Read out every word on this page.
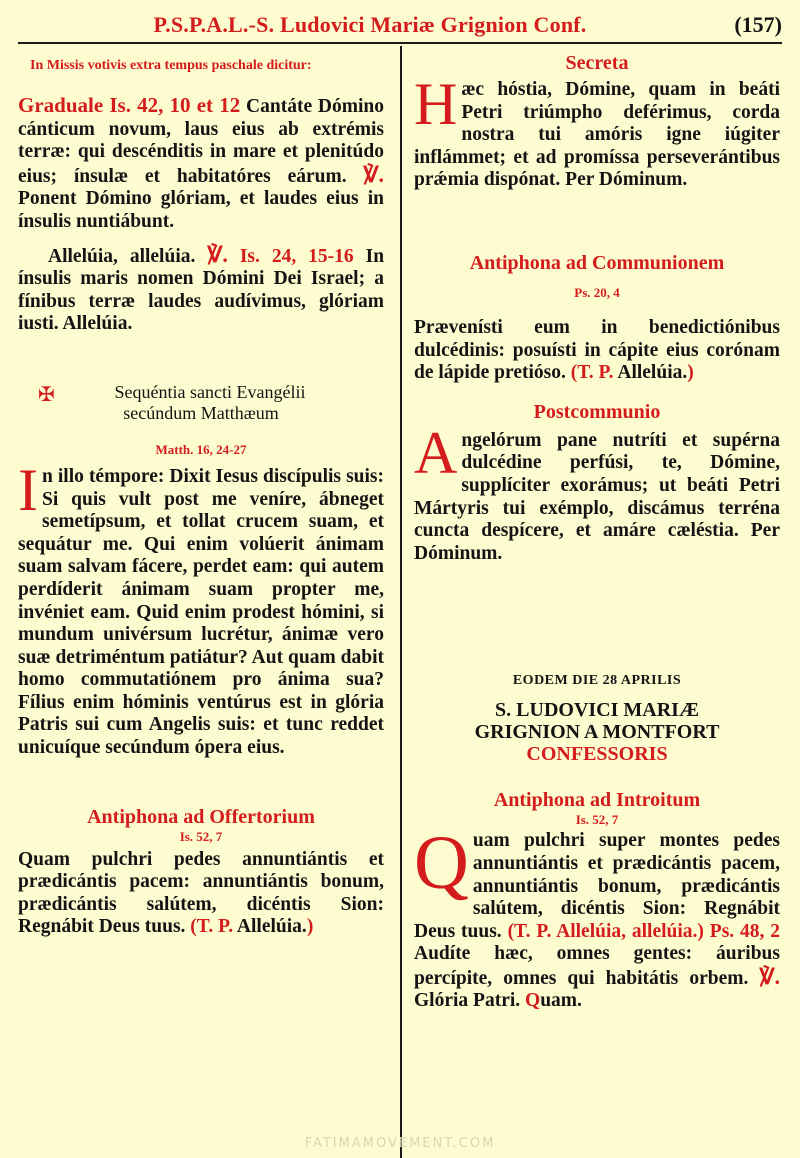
P.S.P.A.L.-S. Ludovici Mariæ Grignion Conf.	(157)

In Missis votivis extra tempus paschale dicitur:

Graduale Is. 42, 10 et 12 Cantáte Dómino cánticum novum, laus eius ab extrémis terræ: qui descénditis in mare et plenitúdo eius; ínsulæ et habitatóres eárum. ℣. Ponent Dómino glóriam, et laudes eius in ínsulis nuntiábunt.

Allelúia, allelúia. ℣. Is. 24, 15-16 In ínsulis maris nomen Dómini Dei Israel; a fínibus terræ laudes audívimus, glóriam iusti. Allelúia.

✠	Sequéntia sancti Evangélii

secúndum Matthæum

Matth. 16, 24-27

In illo témpore: Dixit Iesus discípulis suis: Si quis vult post me veníre, ábneget semetípsum, et tollat crucem suam, et sequátur me. Qui enim volúerit ánimam suam salvam fácere, perdet eam: qui autem perdíderit ánimam suam propter me, invéniet eam. Quid enim prodest hómini, si mundum univérsum lucrétur, ánimæ vero suæ detriméntum patiátur? Aut quam dabit homo commutatiónem pro ánima sua? Fílius enim hóminis ventúrus est in glória Patris sui cum Angelis suis: et tunc reddet unicuíque secúndum ópera eius.

Antiphona ad Offertorium

Is. 52, 7

Quam pulchri pedes annuntiántis et prædicántis pacem: annuntiántis bonum, prædicántis salútem, dicéntis Sion: Regnábit Deus tuus. (T. P. Allelúia.)

Secreta

Hæc hóstia, Dómine, quam in beáti Petri triúmpho deférimus, corda nostra tui amóris igne iúgiter inflámmet; et ad promíssa perseverántibus prǽmia dispónat. Per Dóminum.

Antiphona ad Communionem

Ps. 20, 4

Prævenísti eum in benedictiónibus dulcédinis: posuísti in cápite eius corónam de lápide pretióso. (T. P. Allelúia.)

Postcommunio

Angelórum pane nutríti et supérna dulcédine perfúsi, te, Dómine, supplíciter exorámus; ut beáti Petri Mártyris tui exémplo, discámus terréna cuncta despícere, et amáre cæléstia. Per Dóminum.

EODEM DIE 28 APRILIS

S. LUDOVICI MARIÆ

GRIGNION A MONTFORT

CONFESSORIS

Antiphona ad Introitum

Is. 52, 7

Quam pulchri super montes pedes annuntiántis et prædicántis pacem, annuntiántis bonum, prædicántis salútem, dicéntis Sion: Regnábit Deus tuus. (T. P. Allelúia, allelúia.) Ps. 48, 2 Audíte hæc, omnes gentes: áuribus percípite, omnes qui habitátis orbem. ℣. Glória Patri. Quam.

FATIMAMOVEMENT.COM
